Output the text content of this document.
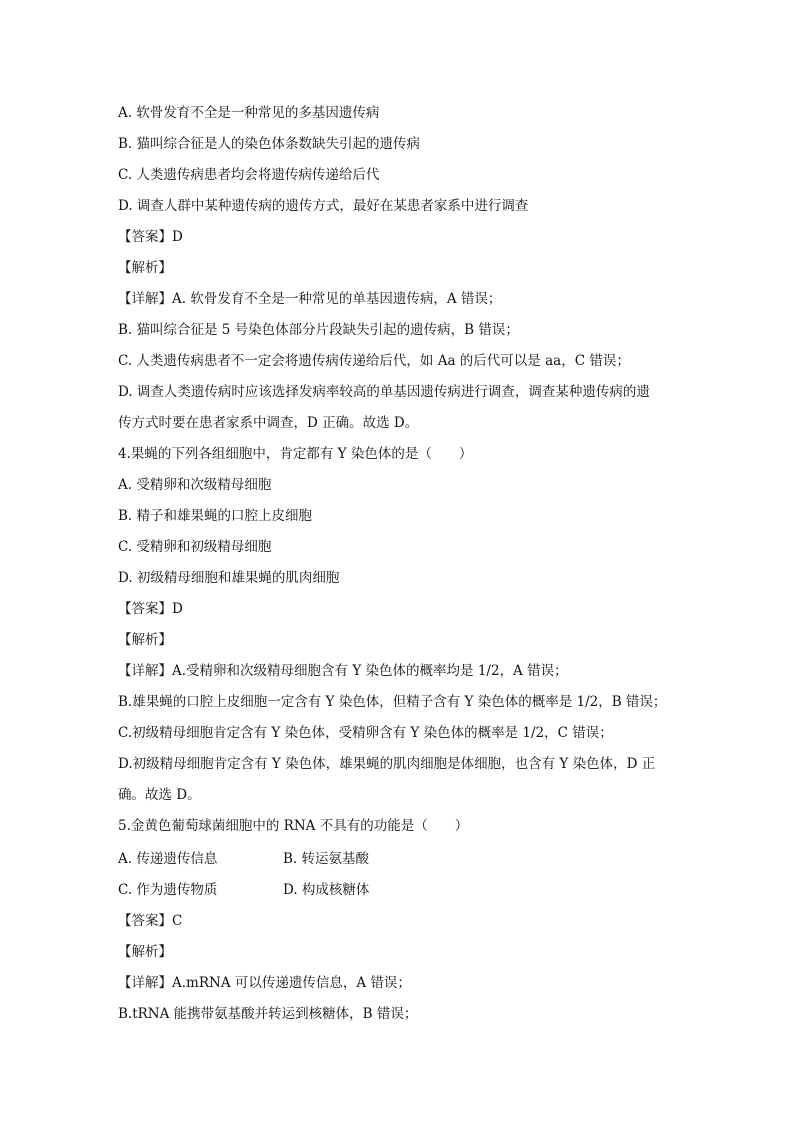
A. 软骨发育不全是一种常见的多基因遗传病
B. 猫叫综合征是人的染色体条数缺失引起的遗传病
C. 人类遗传病患者均会将遗传病传递给后代
D. 调查人群中某种遗传病的遗传方式，最好在某患者家系中进行调查
【答案】D
【解析】
【详解】A. 软骨发育不全是一种常见的单基因遗传病，A 错误；
B. 猫叫综合征是 5 号染色体部分片段缺失引起的遗传病，B 错误；
C. 人类遗传病患者不一定会将遗传病传递给后代，如 Aa 的后代可以是 aa，C 错误；
D. 调查人类遗传病时应该选择发病率较高的单基因遗传病进行调查，调查某种遗传病的遗
传方式时要在患者家系中调查，D 正确。故选 D。
4.果蝇的下列各组细胞中，肯定都有 Y 染色体的是（　　）
A. 受精卵和次级精母细胞
B. 精子和雄果蝇的口腔上皮细胞
C. 受精卵和初级精母细胞
D. 初级精母细胞和雄果蝇的肌肉细胞
【答案】D
【解析】
【详解】A.受精卵和次级精母细胞含有 Y 染色体的概率均是 1/2，A 错误；
B.雄果蝇的口腔上皮细胞一定含有 Y 染色体，但精子含有 Y 染色体的概率是 1/2，B 错误；
C.初级精母细胞肯定含有 Y 染色体，受精卵含有 Y 染色体的概率是 1/2，C 错误；
D.初级精母细胞肯定含有 Y 染色体，雄果蝇的肌肉细胞是体细胞，也含有 Y 染色体，D 正
确。故选 D。
5.金黄色葡萄球菌细胞中的 RNA 不具有的功能是（　　）
A. 传递遗传信息	B. 转运氨基酸
C. 作为遗传物质	D. 构成核糖体
【答案】C
【解析】
【详解】A.mRNA 可以传递遗传信息，A 错误；
B.tRNA 能携带氨基酸并转运到核糖体，B 错误；
